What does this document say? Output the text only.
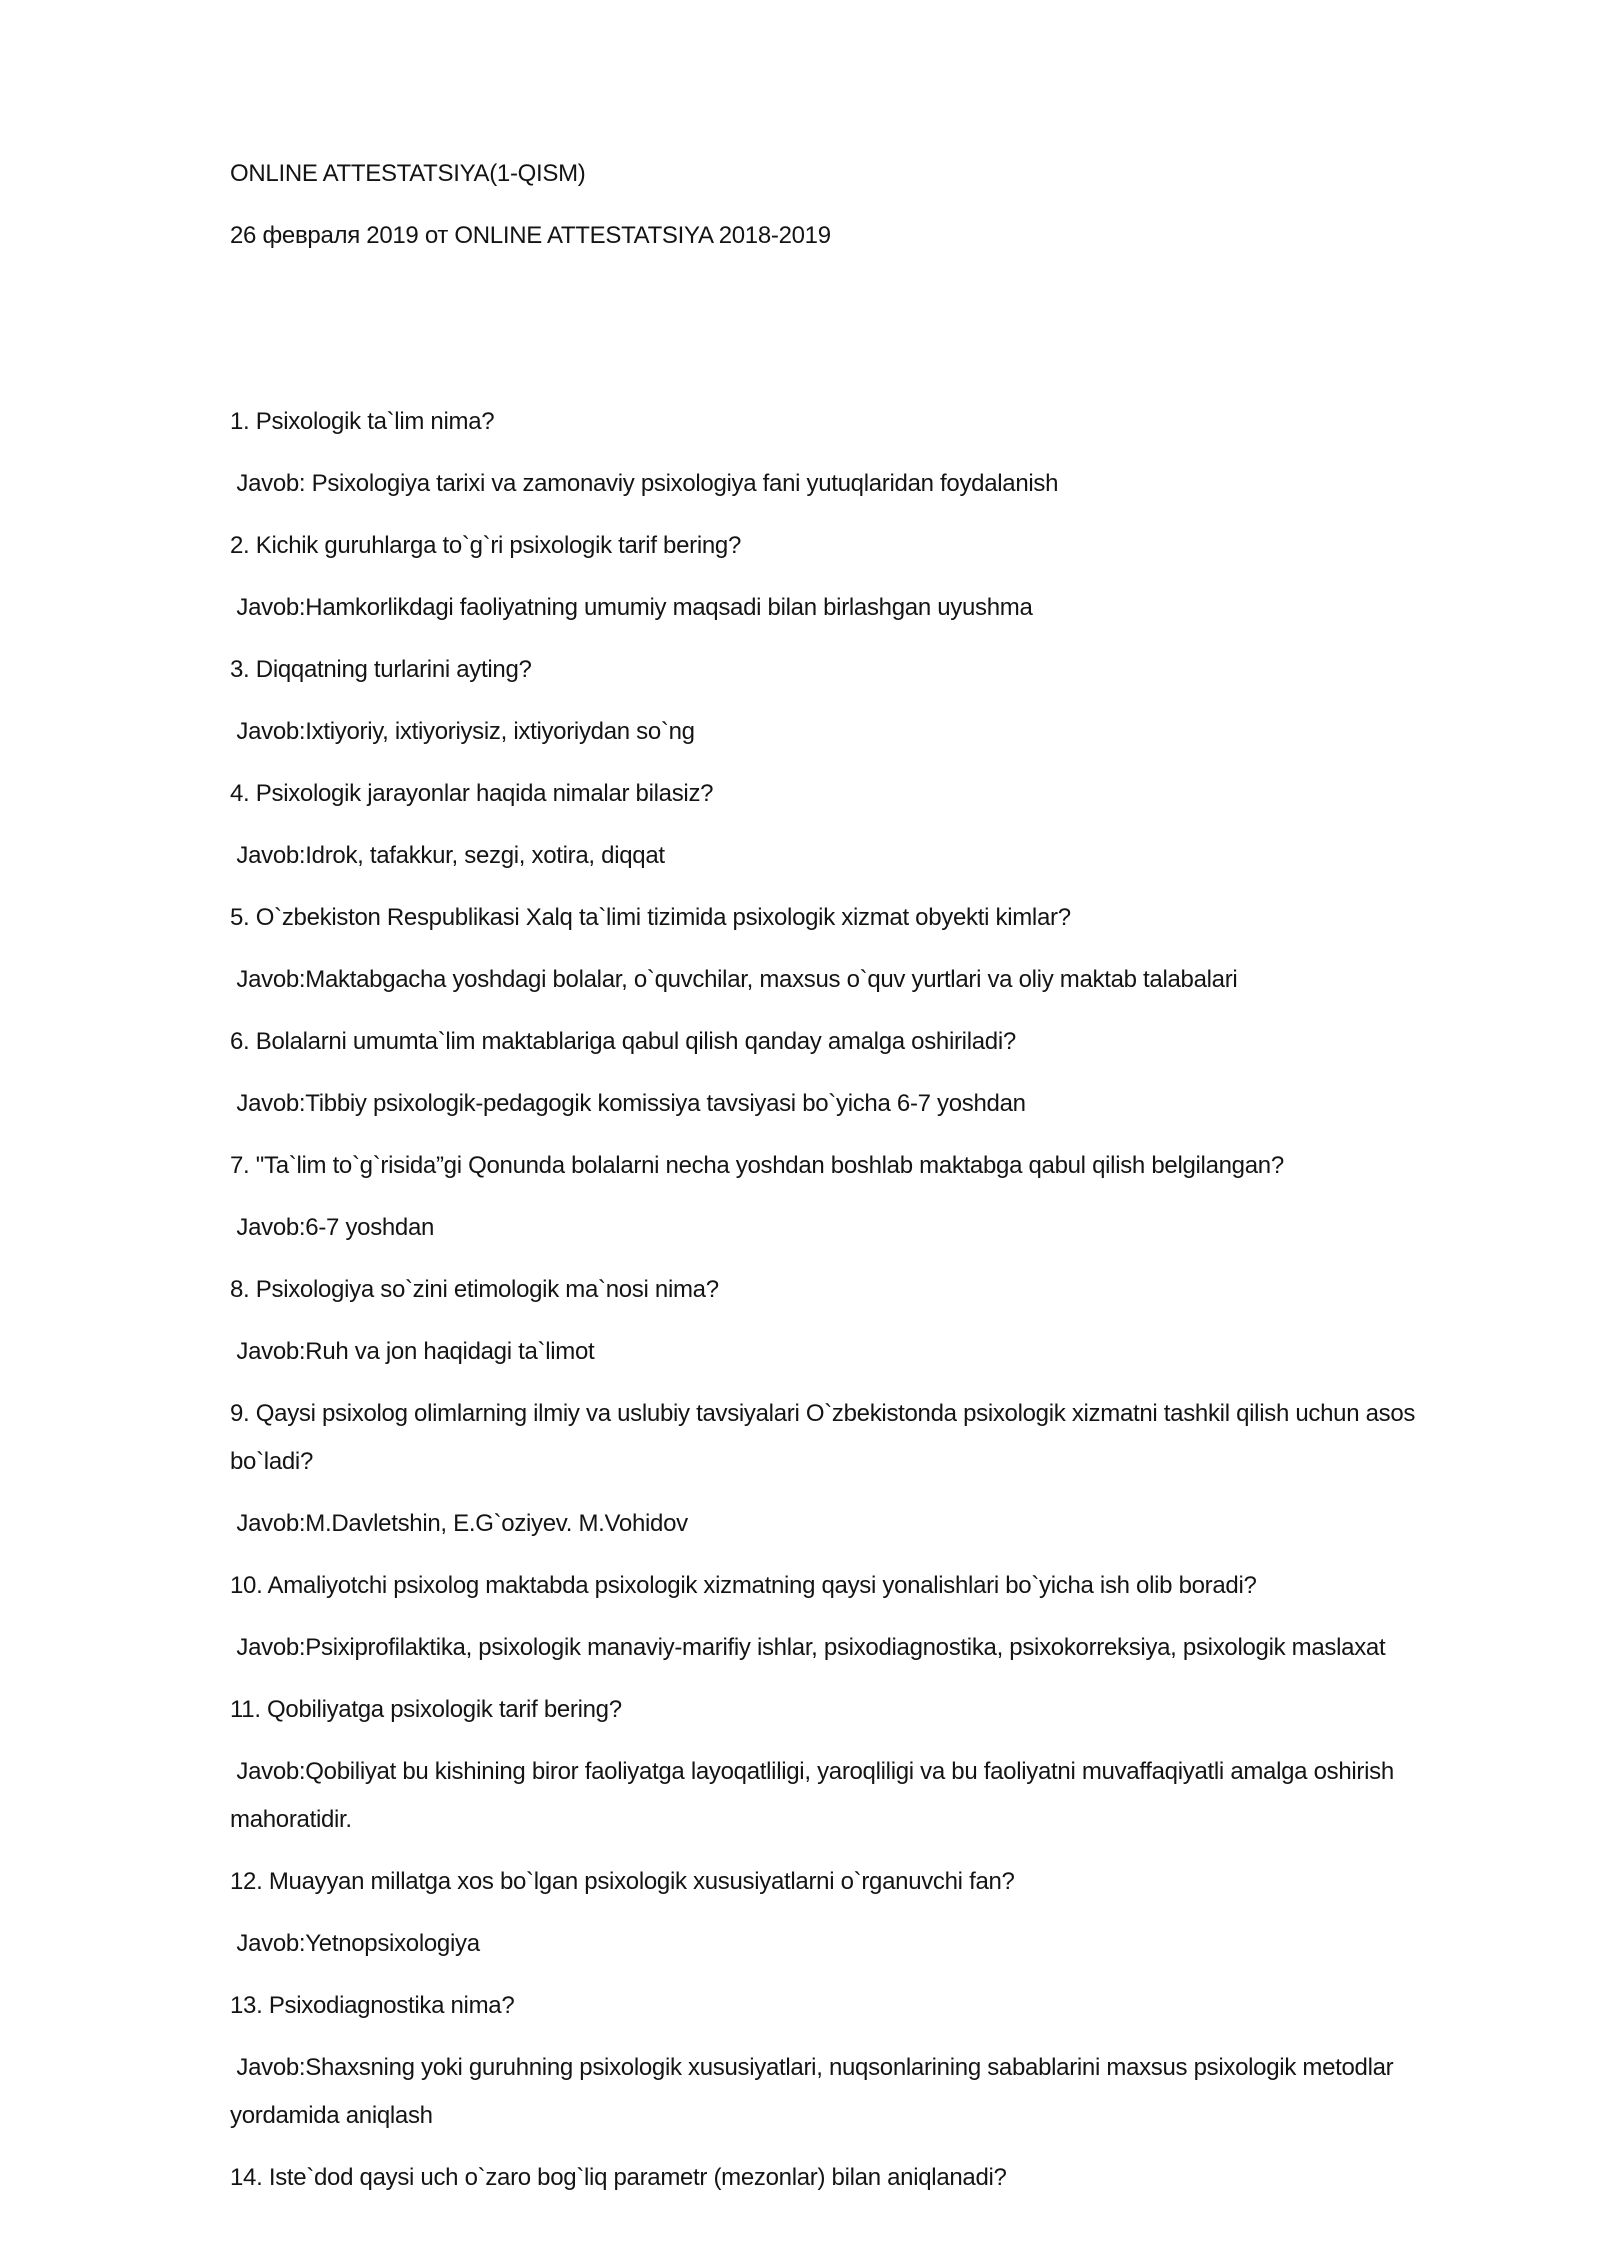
ONLINE ATTESTATSIYA(1-QISM)

26 февраля 2019 от ONLINE ATTESTATSIYA 2018-2019

1. Psixologik ta`lim nima?

Javob: Psixologiya tarixi va zamonaviy psixologiya fani yutuqlaridan foydalanish

2. Kichik guruhlarga to`g`ri psixologik tarif bering?

Javob:Hamkorlikdagi faoliyatning umumiy maqsadi bilan birlashgan uyushma

3. Diqqatning turlarini ayting?

Javob:Ixtiyoriy, ixtiyoriysiz, ixtiyoriydan so`ng

4. Psixologik jarayonlar haqida nimalar bilasiz?

Javob:Idrok, tafakkur, sezgi, xotira, diqqat

5. O`zbekiston Respublikasi Xalq ta`limi tizimida psixologik xizmat obyekti kimlar?

Javob:Maktabgacha yoshdagi bolalar, o`quvchilar, maxsus o`quv yurtlari va oliy maktab talabalari

6. Bolalarni umumta`lim maktablariga qabul qilish qanday amalga oshiriladi?

Javob:Tibbiy psixologik-pedagogik komissiya tavsiyasi bo`yicha 6-7 yoshdan

7. "Ta`lim to`g`risida”gi Qonunda bolalarni necha yoshdan boshlab maktabga qabul qilish belgilangan?

Javob:6-7 yoshdan

8. Psixologiya so`zini etimologik ma`nosi nima?

Javob:Ruh va jon haqidagi ta`limot

9. Qaysi psixolog olimlarning ilmiy va uslubiy tavsiyalari O`zbekistonda psixologik xizmatni tashkil qilish uchun asos bo`ladi?

Javob:M.Davletshin, E.G`oziyev. M.Vohidov

10. Amaliyotchi psixolog maktabda psixologik xizmatning qaysi yonalishlari bo`yicha ish olib boradi?

Javob:Psixiprofilaktika, psixologik manaviy-marifiy ishlar, psixodiagnostika, psixokorreksiya, psixologik maslaxat

11. Qobiliyatga psixologik tarif bering?

Javob:Qobiliyat bu kishining biror faoliyatga layoqatliligi, yaroqliligi va bu faoliyatni muvaffaqiyatli amalga oshirish mahoratidir.

12. Muayyan millatga xos bo`lgan psixologik xususiyatlarni o`rganuvchi fan?

Javob:Yetnopsixologiya

13. Psixodiagnostika nima?

Javob:Shaxsning yoki guruhning psixologik xususiyatlari, nuqsonlarining sabablarini maxsus psixologik metodlar yordamida aniqlash

14. Iste`dod qaysi uch o`zaro bog`liq parametr (mezonlar) bilan aniqlanadi?
